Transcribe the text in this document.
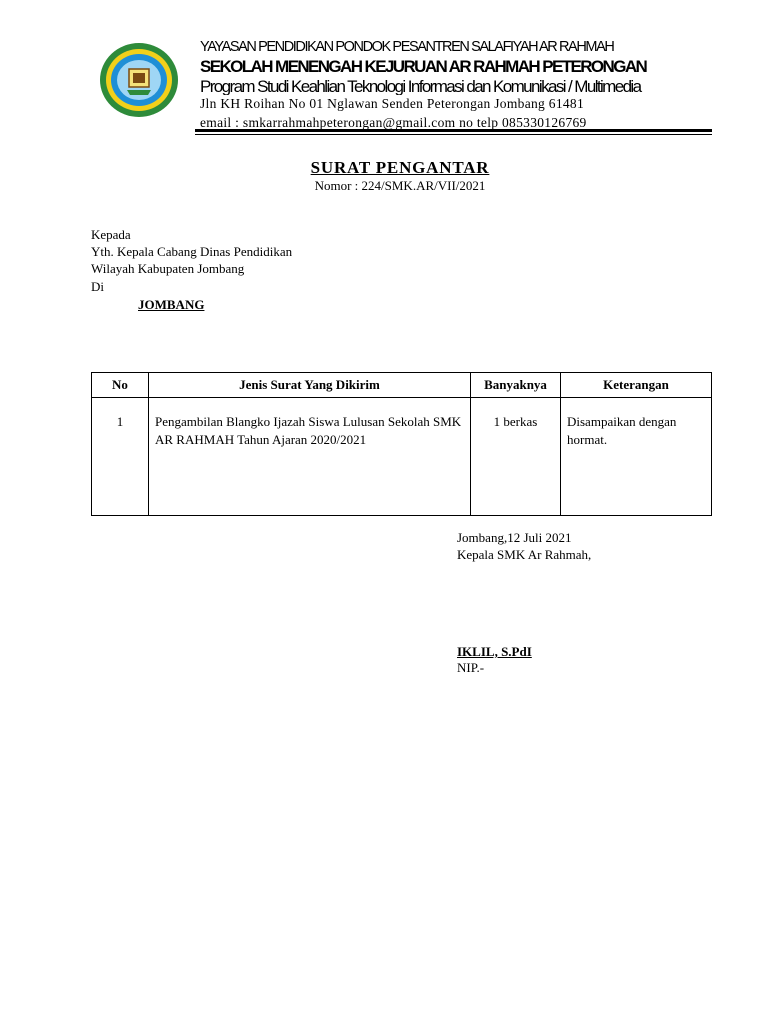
YAYASAN PENDIDIKAN PONDOK PESANTREN SALAFIYAH AR RAHMAH
SEKOLAH MENENGAH KEJURUAN AR RAHMAH PETERONGAN
Program Studi Keahlian Teknologi Informasi dan Komunikasi / Multimedia
Jln KH Roihan No 01 Nglawan Senden Peterongan Jombang 61481
email : smkarrahmahpeterongan@gmail.com no telp 085330126769
SURAT PENGANTAR
Nomor : 224/SMK.AR/VII/2021
Kepada
Yth. Kepala Cabang Dinas Pendidikan
Wilayah Kabupaten Jombang
Di
JOMBANG
No	Jenis Surat Yang Dikirim	Banyaknya	Keterangan
1	Pengambilan Blangko Ijazah Siswa Lulusan Sekolah SMK AR RAHMAH Tahun Ajaran 2020/2021	1 berkas	Disampaikan dengan hormat.
Jombang,12 Juli 2021
Kepala SMK Ar Rahmah,
IKLIL, S.PdI
NIP.-
